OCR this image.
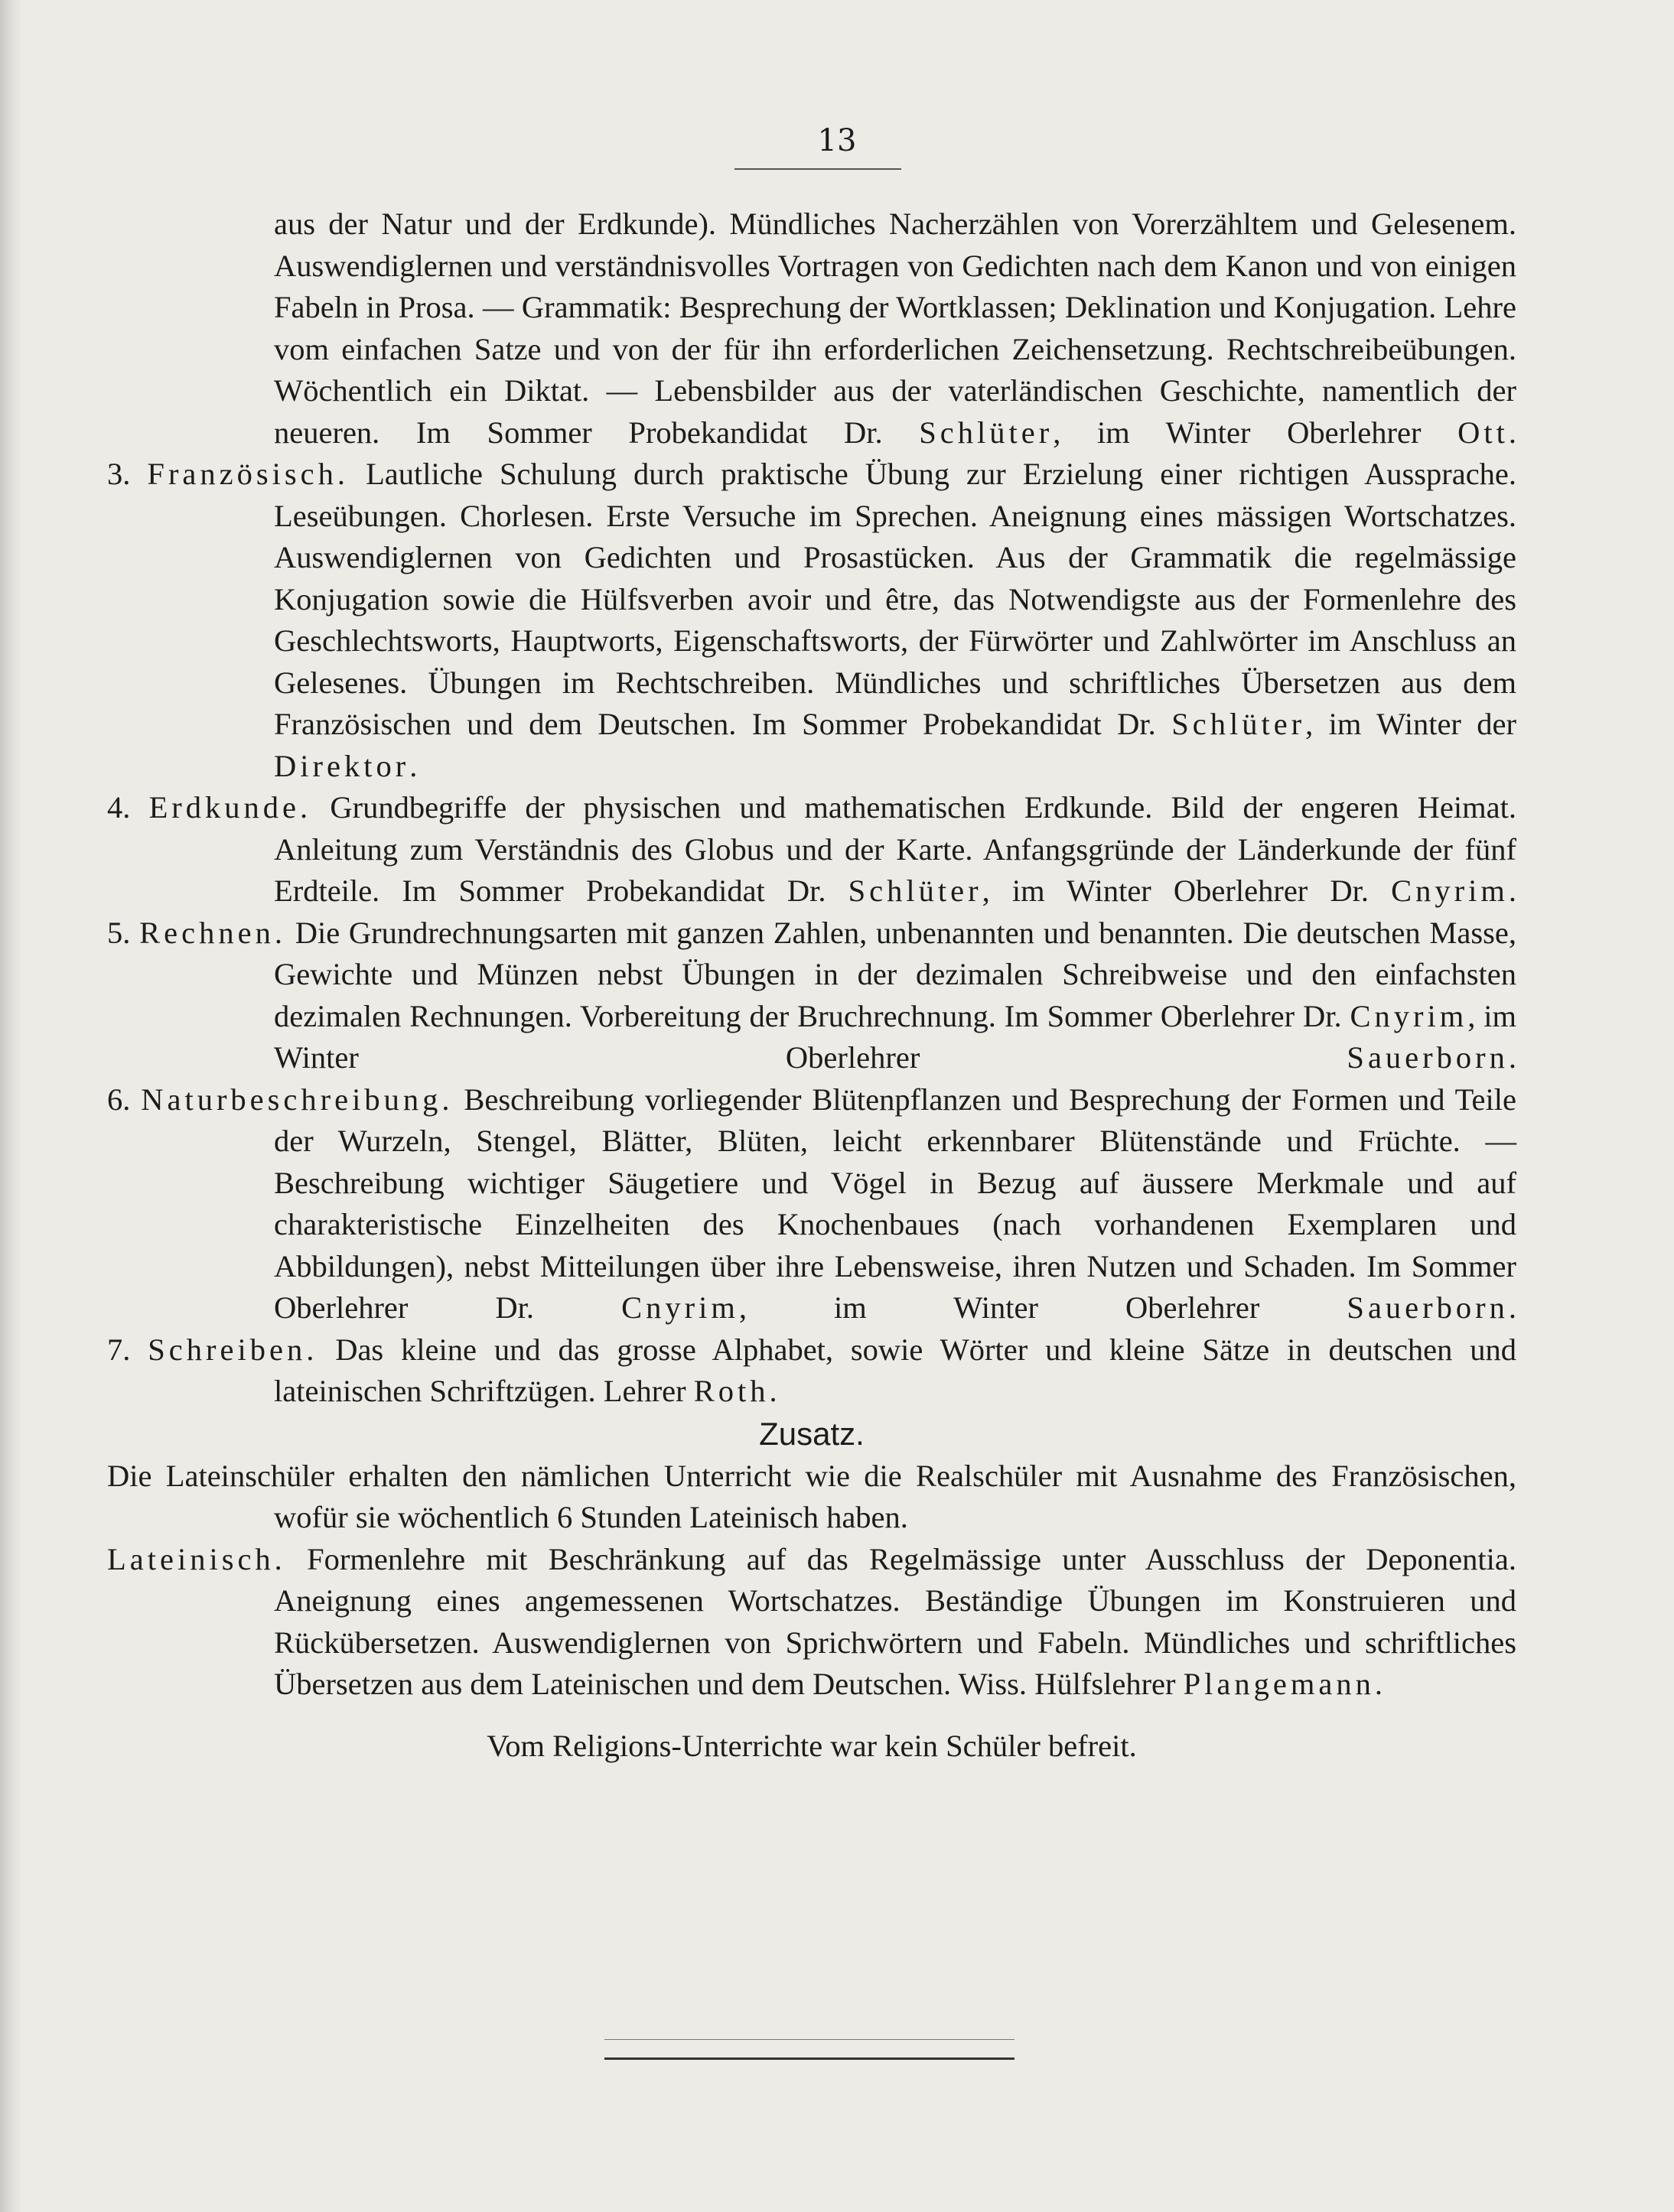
13
aus der Natur und der Erdkunde). Mündliches Nacherzählen von Vorerzähltem und Gelesenem. Auswendiglernen und verständnisvolles Vortragen von Gedichten nach dem Kanon und von einigen Fabeln in Prosa. — Grammatik: Besprechung der Wortklassen; Deklination und Konjugation. Lehre vom einfachen Satze und von der für ihn erforderlichen Zeichensetzung. Rechtschreibeübungen. Wöchentlich ein Diktat. — Lebensbilder aus der vaterländischen Geschichte, namentlich der neueren. Im Sommer Probekandidat Dr. Schlüter, im Winter Oberlehrer Ott.
3. Französisch. Lautliche Schulung durch praktische Übung zur Erzielung einer richtigen Aussprache. Leseübungen. Chorlesen. Erste Versuche im Sprechen. Aneignung eines mässigen Wortschatzes. Auswendiglernen von Gedichten und Prosastücken. Aus der Grammatik die regelmässige Konjugation sowie die Hülfsverben avoir und être, das Notwendigste aus der Formenlehre des Geschlechtsworts, Hauptworts, Eigenschaftsworts, der Fürwörter und Zahlwörter im Anschluss an Gelesenes. Übungen im Rechtschreiben. Mündliches und schriftliches Übersetzen aus dem Französischen und dem Deutschen. Im Sommer Probekandidat Dr. Schlüter, im Winter der Direktor.
4. Erdkunde. Grundbegriffe der physischen und mathematischen Erdkunde. Bild der engeren Heimat. Anleitung zum Verständnis des Globus und der Karte. Anfangsgründe der Länderkunde der fünf Erdteile. Im Sommer Probekandidat Dr. Schlüter, im Winter Oberlehrer Dr. Cnyrim.
5. Rechnen. Die Grundrechnungsarten mit ganzen Zahlen, unbenannten und benannten. Die deutschen Masse, Gewichte und Münzen nebst Übungen in der dezimalen Schreibweise und den einfachsten dezimalen Rechnungen. Vorbereitung der Bruchrechnung. Im Sommer Oberlehrer Dr. Cnyrim, im Winter Oberlehrer	Sauerborn.
6. Naturbeschreibung. Beschreibung vorliegender Blütenpflanzen und Besprechung der Formen und Teile der Wurzeln, Stengel, Blätter, Blüten, leicht erkennbarer Blütenstände und Früchte. — Beschreibung wichtiger Säugetiere und Vögel in Bezug auf äussere Merkmale und auf charakteristische Einzelheiten des Knochenbaues (nach vorhandenen Exemplaren und Abbildungen), nebst Mitteilungen über ihre Lebensweise, ihren Nutzen und Schaden. Im Sommer Oberlehrer Dr.	Cnyrim, im Winter Oberlehrer	Sauerborn.
7. Schreiben. Das kleine und das grosse Alphabet, sowie Wörter und kleine Sätze in deutschen und lateinischen Schriftzügen. Lehrer Roth.
Zusatz.
Die Lateinschüler erhalten den nämlichen Unterricht wie die Realschüler mit Ausnahme des Französischen, wofür sie wöchentlich 6 Stunden Lateinisch haben.
Lateinisch. Formenlehre mit Beschränkung auf das Regelmässige unter Ausschluss der Deponentia. Aneignung eines angemessenen Wortschatzes. Beständige Übungen im Konstruieren und Rückübersetzen. Auswendiglernen von Sprichwörtern und Fabeln. Mündliches und schriftliches Übersetzen aus dem Lateinischen und dem Deutschen. Wiss. Hülfslehrer Plangemann.
Vom Religions-Unterrichte war kein Schüler befreit.
